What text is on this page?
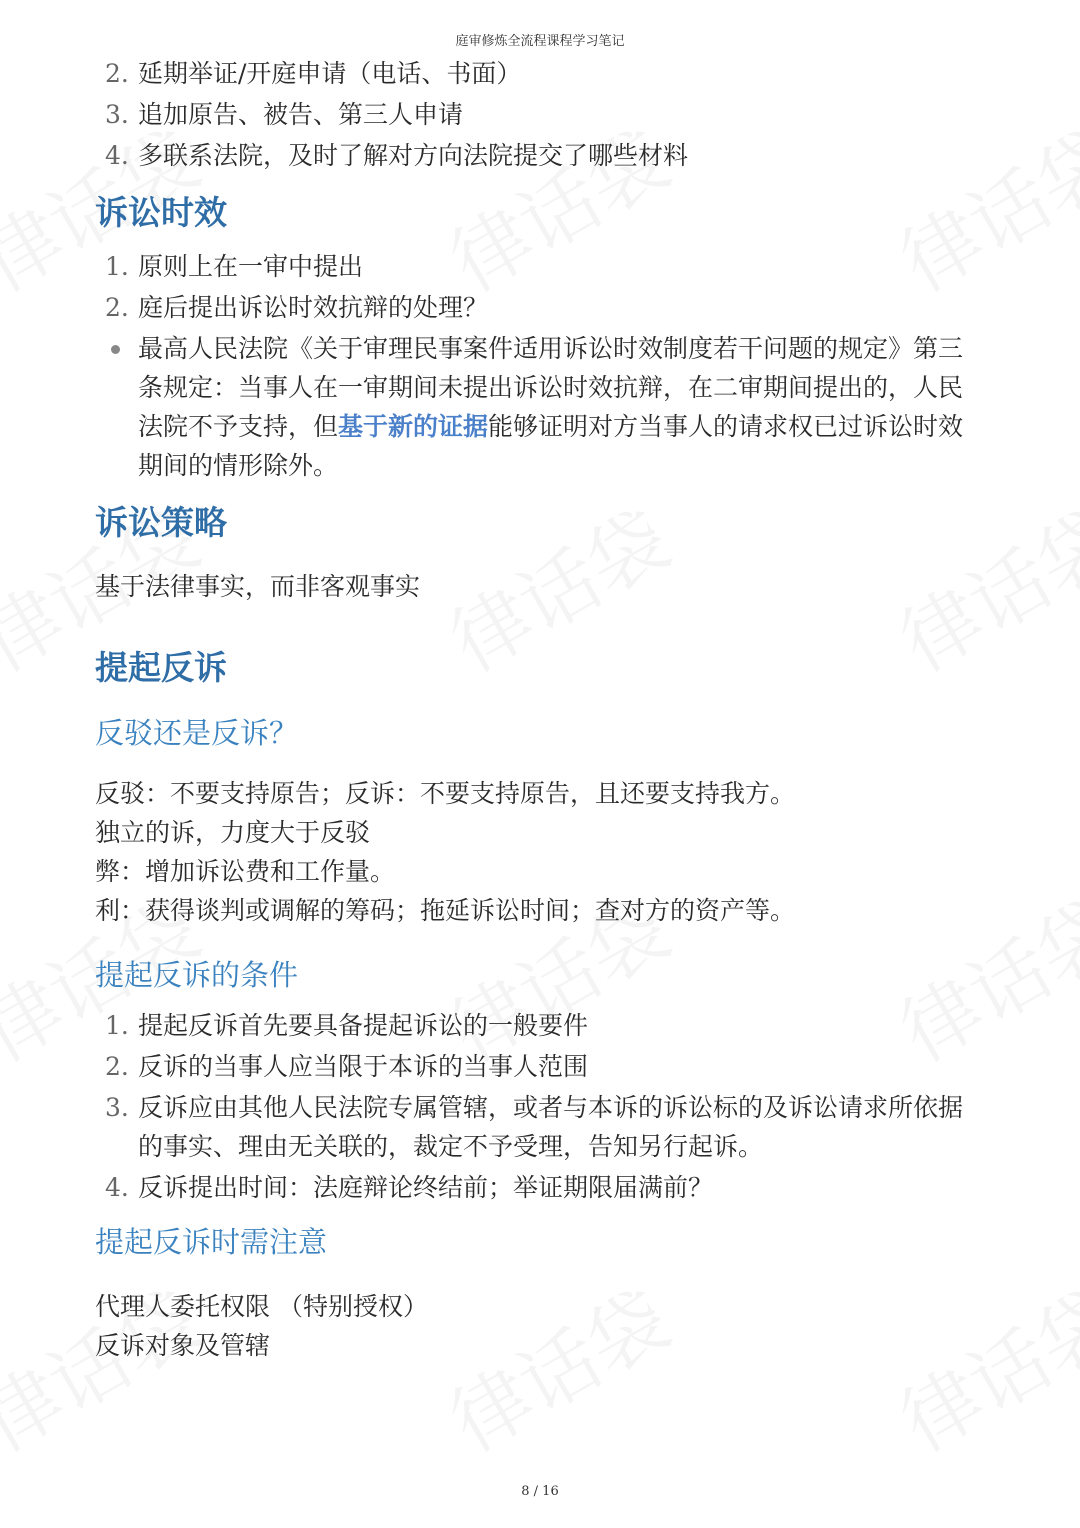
庭审修炼全流程课程学习笔记
2. 延期举证/开庭申请（电话、书面）
3. 追加原告、被告、第三人申请
4. 多联系法院，及时了解对方向法院提交了哪些材料
诉讼时效
1. 原则上在一审中提出
2. 庭后提出诉讼时效抗辩的处理？
最高人民法院《关于审理民事案件适用诉讼时效制度若干问题的规定》第三条规定：当事人在一审期间未提出诉讼时效抗辩，在二审期间提出的，人民法院不予支持，但基于新的证据能够证明对方当事人的请求权已过诉讼时效期间的情形除外。
诉讼策略

基于法律事实，而非客观事实

提起反诉
反驳还是反诉？

反驳：不要支持原告；反诉：不要支持原告，且还要支持我方。

独立的诉，力度大于反驳

弊：增加诉讼费和工作量。

利：获得谈判或调解的筹码；拖延诉讼时间；查对方的资产等。

提起反诉的条件
1. 提起反诉首先要具备提起诉讼的一般要件
2. 反诉的当事人应当限于本诉的当事人范围
3. 反诉应由其他人民法院专属管辖，或者与本诉的诉讼标的及诉讼请求所依据的事实、理由无关联的，裁定不予受理，告知另行起诉。
4. 反诉提出时间：法庭辩论终结前；举证期限届满前？
提起反诉时需注意

代理人委托权限 （特别授权）

反诉对象及管辖

8 / 16
